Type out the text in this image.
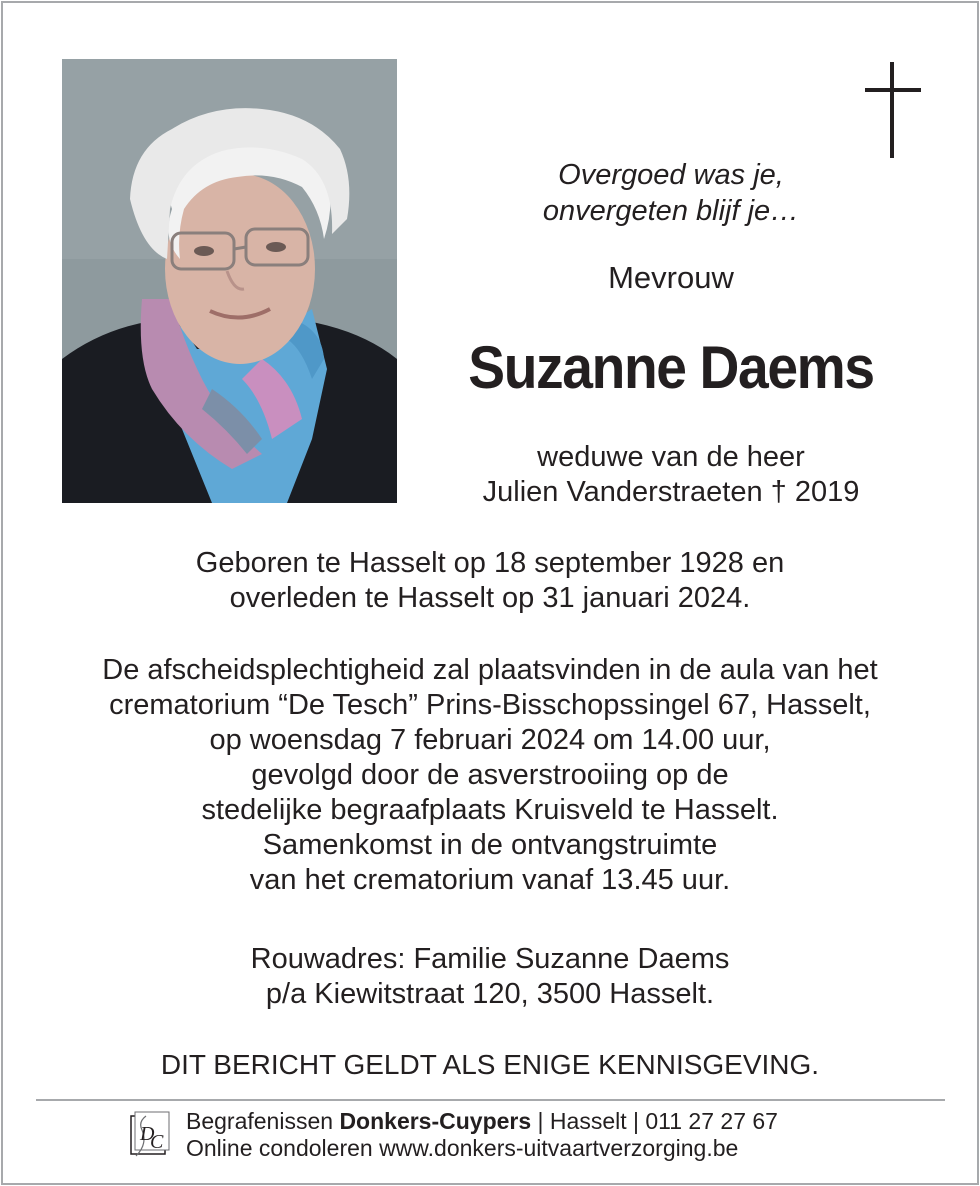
Overgoed was je,
onvergeten blijf je…
Mevrouw
Suzanne Daems
weduwe van de heer
Julien Vanderstraeten † 2019
Geboren te Hasselt op 18 september 1928 en
overleden te Hasselt op 31 januari 2024.
De afscheidsplechtigheid zal plaatsvinden in de aula van het
crematorium “De Tesch” Prins-Bisschopssingel 67, Hasselt,
op woensdag 7 februari 2024 om 14.00 uur,
gevolgd door de asverstrooiing op de
stedelijke begraafplaats Kruisveld te Hasselt.
Samenkomst in de ontvangstruimte
van het crematorium vanaf 13.45 uur.
Rouwadres: Familie Suzanne Daems
p/a Kiewitstraat 120, 3500 Hasselt.
DIT BERICHT GELDT ALS ENIGE KENNISGEVING.
D
C
Begrafenissen Donkers-Cuypers | Hasselt | 011 27 27 67
Online condoleren www.donkers-uitvaartverzorging.be
